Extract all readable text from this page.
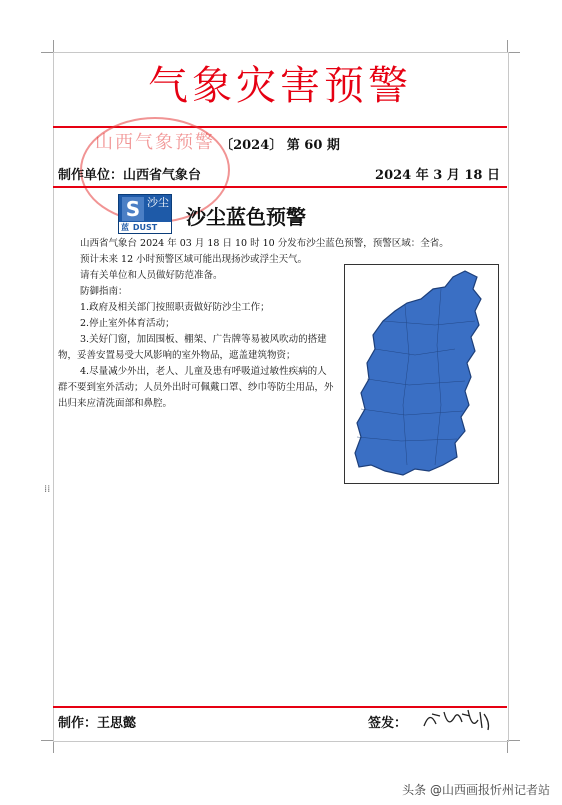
气象灾害预警
山西气象预警 〔2024〕 第 60 期
制作单位：山西省气象台	2024 年 3 月 18 日
S 沙尘
DUST
蓝	沙尘蓝色预警
山西省气象台 2024 年 03 月 18 日 10 时 10 分发布沙尘蓝色预警，预警区域：全省。

预计未来 12 小时预警区域可能出现扬沙或浮尘天气。

请有关单位和人员做好防范准备。

防御指南：

1.政府及相关部门按照职责做好防沙尘工作；

2.停止室外体育活动；

3.关好门窗，加固围板、棚架、广告牌等易被风吹动的搭建物，妥善安置易受大风影响的室外物品，遮盖建筑物资；

4.尽量减少外出，老人、儿童及患有呼吸道过敏性疾病的人群不要到室外活动；人员外出时可佩戴口罩、纱巾等防尘用品，外出归来应清洗面部和鼻腔。

⁞⁞
制作：王思懿	签发：
头条 @山西画报忻州记者站
